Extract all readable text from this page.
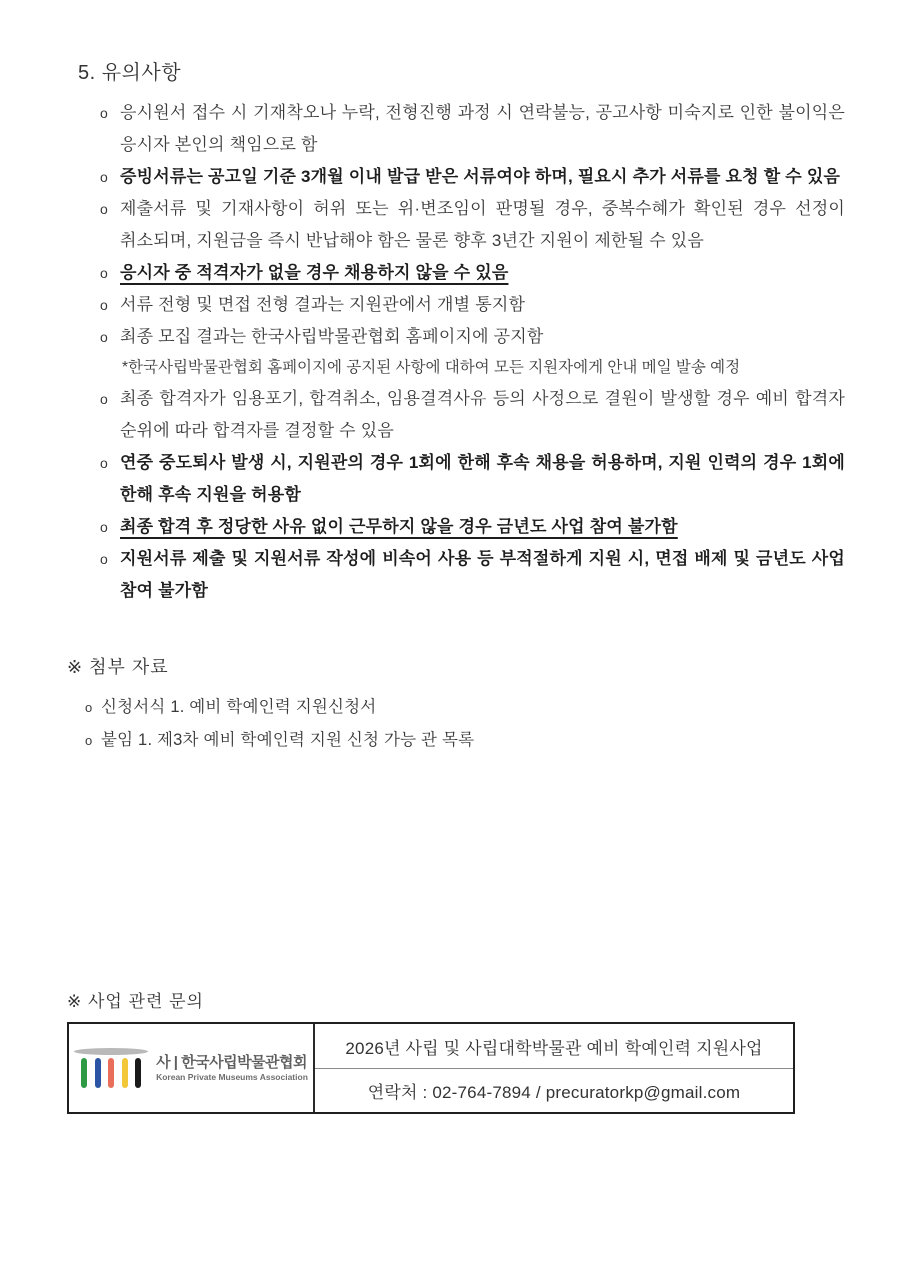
5. 유의사항
o 응시원서 접수 시 기재착오나 누락, 전형진행 과정 시 연락불능, 공고사항 미숙지로 인한 불이익은 응시자 본인의 책임으로 함
o 증빙서류는 공고일 기준 3개월 이내 발급 받은 서류여야 하며, 필요시 추가 서류를 요청 할 수 있음
o 제출서류 및 기재사항이 허위 또는 위·변조임이 판명될 경우, 중복수혜가 확인된 경우 선정이 취소되며, 지원금을 즉시 반납해야 함은 물론 향후 3년간 지원이 제한될 수 있음
o 응시자 중 적격자가 없을 경우 채용하지 않을 수 있음
o 서류 전형 및 면접 전형 결과는 지원관에서 개별 통지함
o 최종 모집 결과는 한국사립박물관협회 홈페이지에 공지함
*한국사립박물관협회 홈페이지에 공지된 사항에 대하여 모든 지원자에게 안내 메일 발송 예정
o 최종 합격자가 임용포기, 합격취소, 임용결격사유 등의 사정으로 결원이 발생할 경우 예비 합격자 순위에 따라 합격자를 결정할 수 있음
o 연중 중도퇴사 발생 시, 지원관의 경우 1회에 한해 후속 채용을 허용하며, 지원 인력의 경우 1회에 한해 후속 지원을 허용함
o 최종 합격 후 정당한 사유 없이 근무하지 않을 경우 금년도 사업 참여 불가함
o 지원서류 제출 및 지원서류 작성에 비속어 사용 등 부적절하게 지원 시, 면접 배제 및 금년도 사업 참여 불가함
※ 첨부 자료
o 신청서식 1. 예비 학예인력 지원신청서
o 붙임 1. 제3차 예비 학예인력 지원 신청 가능 관 목록
※ 사업 관련 문의
사 | 한국사립박물관협회
Korean Private Museums Association
2026년 사립 및 사립대학박물관 예비 학예인력 지원사업
연락처 : 02-764-7894 / precuratorkp@gmail.com
